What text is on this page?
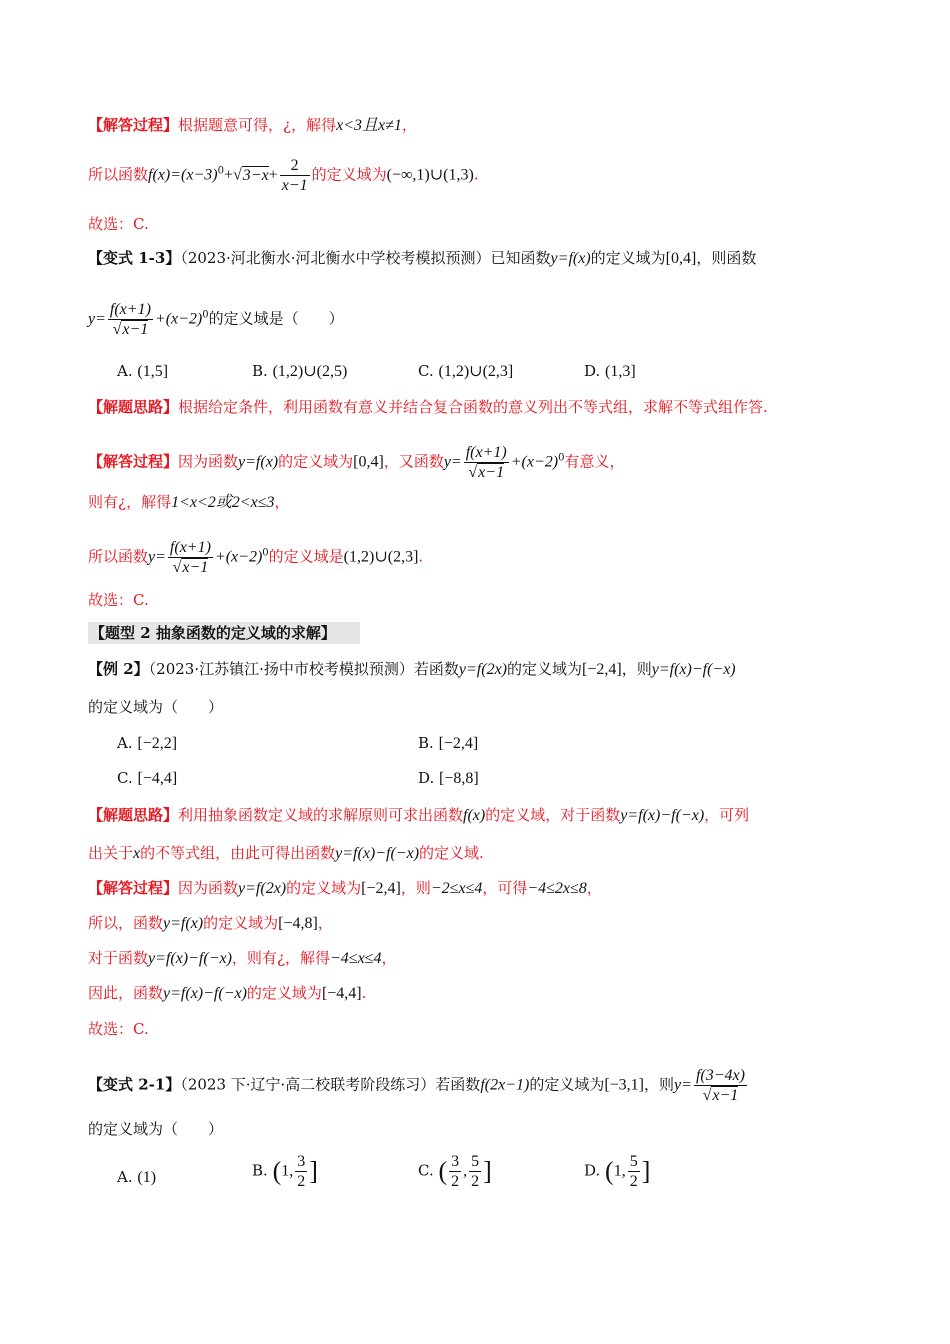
【解答过程】根据题意可得，¿，解得x<3且x≠1，
所以函数$f(x)=(x-3)^0+√3-x+ \frac{2}{x-1}$ 的定义域为(−∞,1)∪(1,3).
故选：C.
【变式 1-3】（2023·河北衡水·河北衡水中学校考模拟预测）已知函数y=f(x)的定义域为[0,4]，则函数
$y= \frac{f(x+1)}{√x-1} +(x-2)^0$的定义域是（　　）
A. (1,5]	B. (1,2)∪(2,5)	C. (1,2)∪(2,3]	D. (1,3]
【解题思路】根据给定条件，利用函数有意义并结合复合函数的意义列出不等式组，求解不等式组作答.
【解答过程】因为函数y=f(x)的定义域为[0,4]，又函数$y= \frac{f(x+1)}{√x-1} +(x-2)^0$有意义，
则有¿，解得1<x<2或2<x≤3，
所以函数$y= \frac{f(x+1)}{√x-1} +(x-2)^0$的定义域是(1,2)∪(2,3].
故选：C.
【题型 2 抽象函数的定义域的求解】
【例 2】（2023·江苏镇江·扬中市校考模拟预测）若函数y=f(2x)的定义域为[−2,4]，则y=f(x)−f(−x)
的定义域为（　　）
A. [−2,2]	B. [−2,4]
C. [−4,4]	D. [−8,8]
【解题思路】利用抽象函数定义域的求解原则可求出函数f(x)的定义域，对于函数y=f(x)−f(−x)，可列
出关于x的不等式组，由此可得出函数y=f(x)−f(−x)的定义域.
【解答过程】因为函数y=f(2x)的定义域为[−2,4]，则−2≤x≤4，可得−4≤2x≤8，
所以，函数y=f(x)的定义域为[−4,8]，
对于函数y=f(x)−f(−x)，则有¿，解得−4≤x≤4，
因此，函数y=f(x)−f(−x)的定义域为[−4,4].
故选：C.
【变式 2-1】（2023 下·辽宁·高二校联考阶段练习）若函数f(2x−1)的定义域为[−3,1]，则$y= \frac{f(3-4x)}{√x-1}$
的定义域为（　　）
A. (1)	B. (1, $\frac{3}{2}$ ]	C. ( $\frac{3}{2}$ , $\frac{5}{2}$ ]	D. (1, $\frac{5}{2}$ ]
